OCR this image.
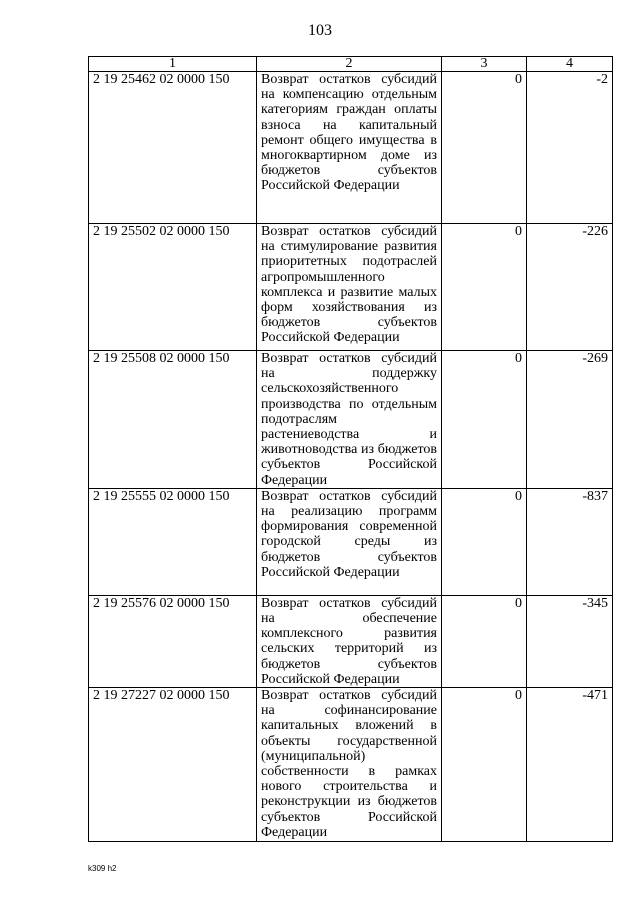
103
1	2	3	4
2 19 25462 02 0000 150	Возврат остатков субсидий на компенсацию отдельным категориям граждан оплаты взноса на капитальный ремонт общего имущества в многоквартирном доме из бюджетов субъектов Российской Федерации	0	-2
2 19 25502 02 0000 150	Возврат остатков субсидий на стимулирование развития приоритетных подотраслей агропромышленного комплекса и развитие малых форм хозяйствования из бюджетов субъектов Российской Федерации	0	-226
2 19 25508 02 0000 150	Возврат остатков субсидий на поддержку сельскохозяйственного производства по отдельным подотраслям растениеводства и животноводства из бюджетов субъектов Российской Федерации	0	-269
2 19 25555 02 0000 150	Возврат остатков субсидий на реализацию программ формирования современной городской среды из бюджетов субъектов Российской Федерации	0	-837
2 19 25576 02 0000 150	Возврат остатков субсидий на обеспечение комплексного развития сельских территорий из бюджетов субъектов Российской Федерации	0	-345
2 19 27227 02 0000 150	Возврат остатков субсидий на софинансирование капитальных вложений в объекты государственной (муниципальной) собственности в рамках нового строительства и реконструкции из бюджетов субъектов Российской Федерации	0	-471
k309 h2
